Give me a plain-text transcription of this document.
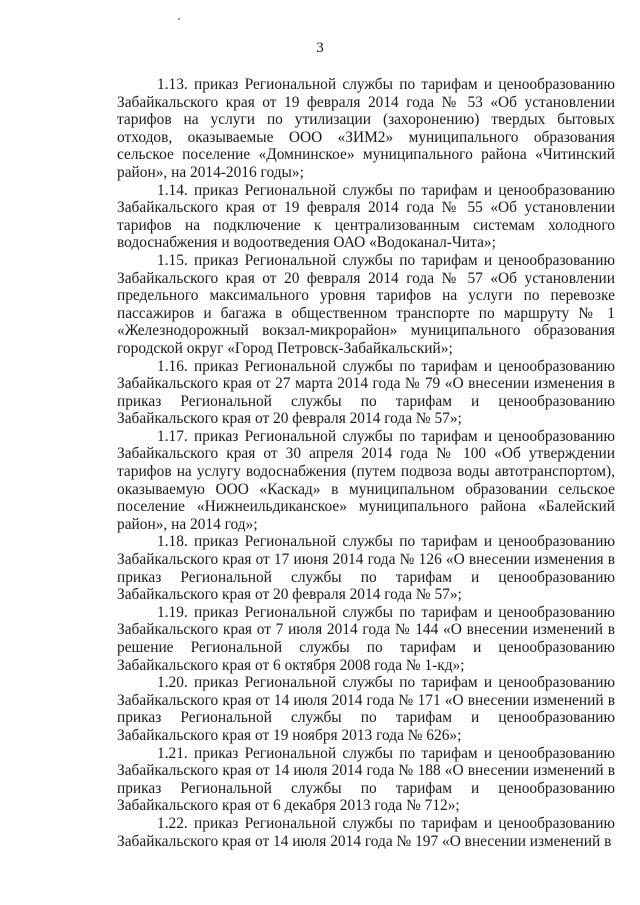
3

1.13. приказ Региональной службы по тарифам и ценообразованию Забайкальского края от 19 февраля 2014 года № 53 «Об установлении тарифов на услуги по утилизации (захоронению) твердых бытовых отходов, оказываемые ООО «ЗИМ2» муниципального образования сельское поселение «Домнинское» муниципального района «Читинский район», на 2014-2016 годы»;

1.14. приказ Региональной службы по тарифам и ценообразованию Забайкальского края от 19 февраля 2014 года № 55 «Об установлении тарифов на подключение к централизованным системам холодного водоснабжения и водоотведения ОАО «Водоканал-Чита»;

1.15. приказ Региональной службы по тарифам и ценообразованию Забайкальского края от 20 февраля 2014 года № 57 «Об установлении предельного максимального уровня тарифов на услуги по перевозке пассажиров и багажа в общественном транспорте по маршруту № 1 «Железнодорожный вокзал-микрорайон» муниципального образования городской округ «Город Петровск-Забайкальский»;

1.16. приказ Региональной службы по тарифам и ценообразованию Забайкальского края от 27 марта 2014 года № 79 «О внесении изменения в приказ Региональной службы по тарифам и ценообразованию Забайкальского края от 20 февраля 2014 года № 57»;

1.17. приказ Региональной службы по тарифам и ценообразованию Забайкальского края от 30 апреля 2014 года № 100 «Об утверждении тарифов на услугу водоснабжения (путем подвоза воды автотранспортом), оказываемую ООО «Каскад» в муниципальном образовании сельское поселение «Нижнеильдиканское» муниципального района «Балейский район», на 2014 год»;

1.18. приказ Региональной службы по тарифам и ценообразованию Забайкальского края от 17 июня 2014 года № 126 «О внесении изменения в приказ Региональной службы по тарифам и ценообразованию Забайкальского края от 20 февраля 2014 года № 57»;

1.19. приказ Региональной службы по тарифам и ценообразованию Забайкальского края от 7 июля 2014 года № 144 «О внесении изменений в решение Региональной службы по тарифам и ценообразованию Забайкальского края от 6 октября 2008 года № 1-кд»;

1.20. приказ Региональной службы по тарифам и ценообразованию Забайкальского края от 14 июля 2014 года № 171 «О внесении изменений в приказ Региональной службы по тарифам и ценообразованию Забайкальского края от 19 ноября 2013 года № 626»;

1.21. приказ Региональной службы по тарифам и ценообразованию Забайкальского края от 14 июля 2014 года № 188 «О внесении изменений в приказ Региональной службы по тарифам и ценообразованию Забайкальского края от 6 декабря 2013 года № 712»;

1.22. приказ Региональной службы по тарифам и ценообразованию Забайкальского края от 14 июля 2014 года № 197 «О внесении изменений в
